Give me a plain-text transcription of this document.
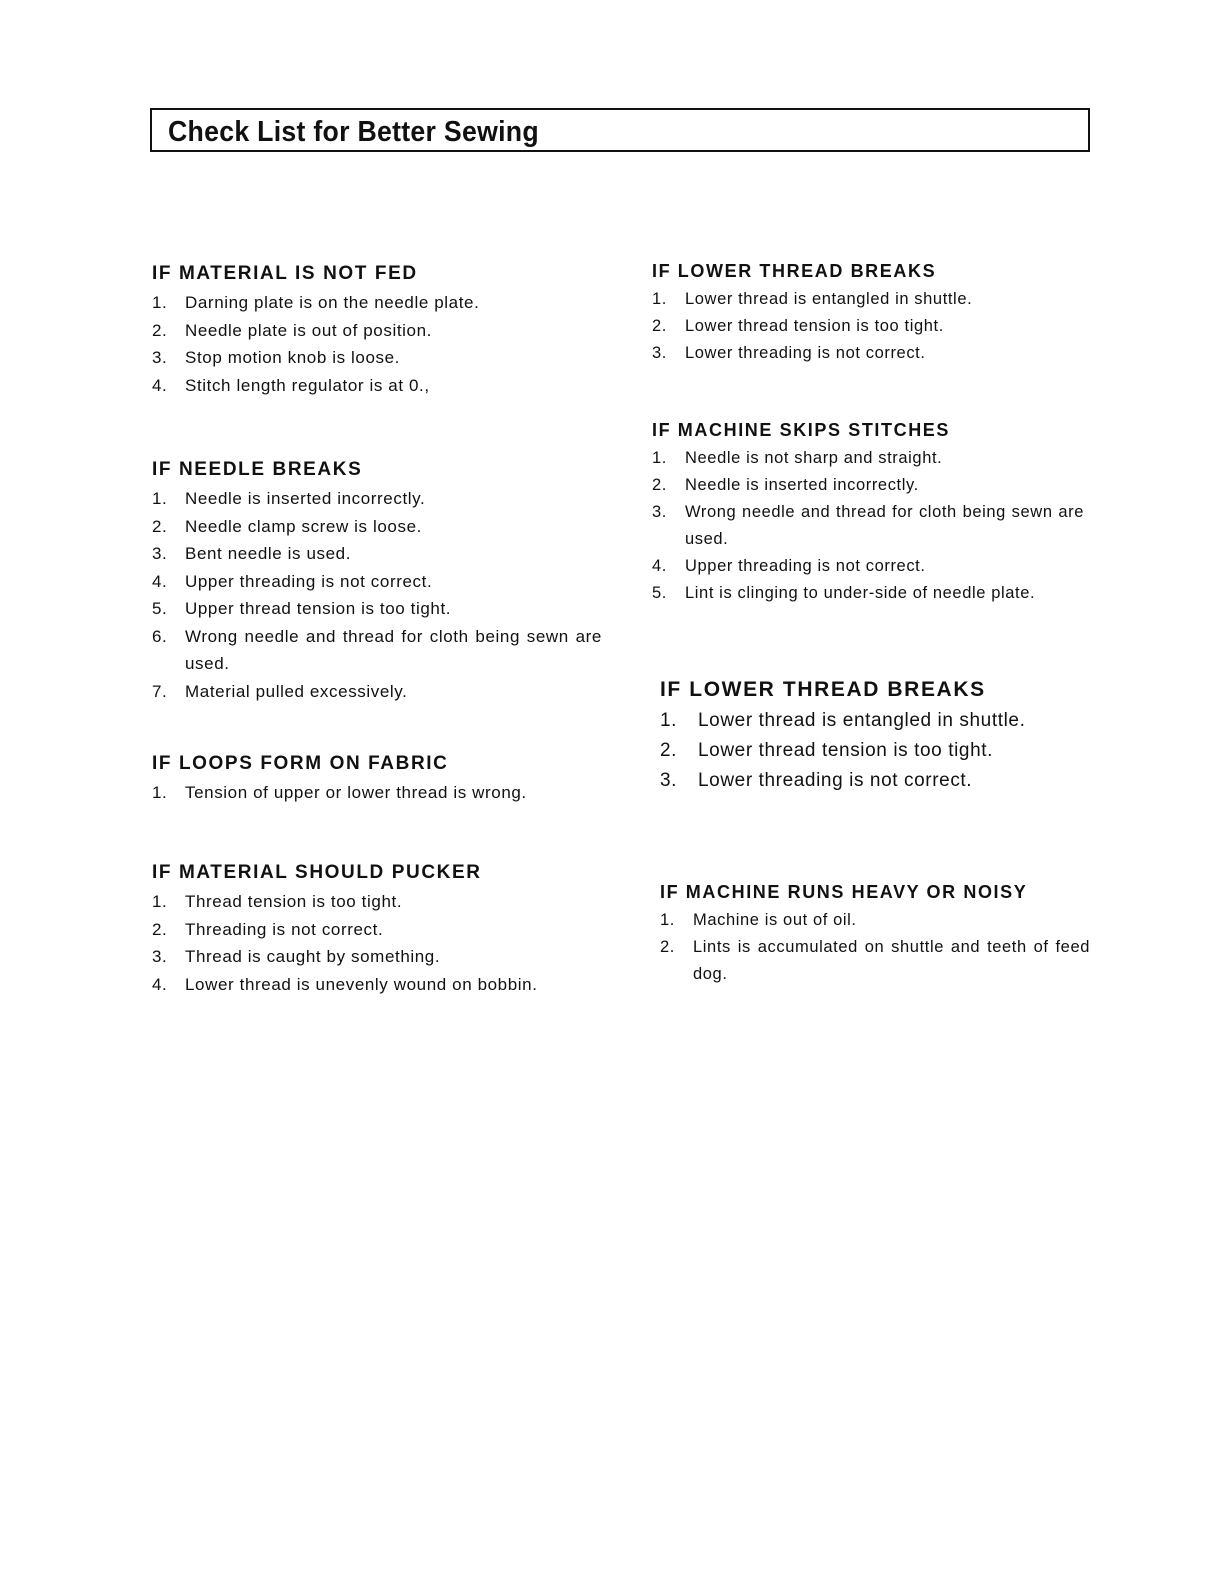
Check List for Better Sewing
IF MATERIAL IS NOT FED
1. Darning plate is on the needle plate.
2. Needle plate is out of position.
3. Stop motion knob is loose.
4. Stitch length regulator is at 0.,
IF NEEDLE BREAKS
1. Needle is inserted incorrectly.
2. Needle clamp screw is loose.
3. Bent needle is used.
4. Upper threading is not correct.
5. Upper thread tension is too tight.
6. Wrong needle and thread for cloth being sewn are used.
7. Material pulled excessively.
IF LOOPS FORM ON FABRIC
1. Tension of upper or lower thread is wrong.
IF MATERIAL SHOULD PUCKER
1. Thread tension is too tight.
2. Threading is not correct.
3. Thread is caught by something.
4. Lower thread is unevenly wound on bobbin.
IF LOWER THREAD BREAKS
1. Lower thread is entangled in shuttle.
2. Lower thread tension is too tight.
3. Lower threading is not correct.
IF MACHINE SKIPS STITCHES
1. Needle is not sharp and straight.
2. Needle is inserted incorrectly.
3. Wrong needle and thread for cloth being sewn are used.
4. Upper threading is not correct.
5. Lint is clinging to under-side of needle plate.
IF LOWER THREAD BREAKS
1. Lower thread is entangled in shuttle.
2. Lower thread tension is too tight.
3. Lower threading is not correct.
IF MACHINE RUNS HEAVY OR NOISY
1. Machine is out of oil.
2. Lints is accumulated on shuttle and teeth of feed dog.
